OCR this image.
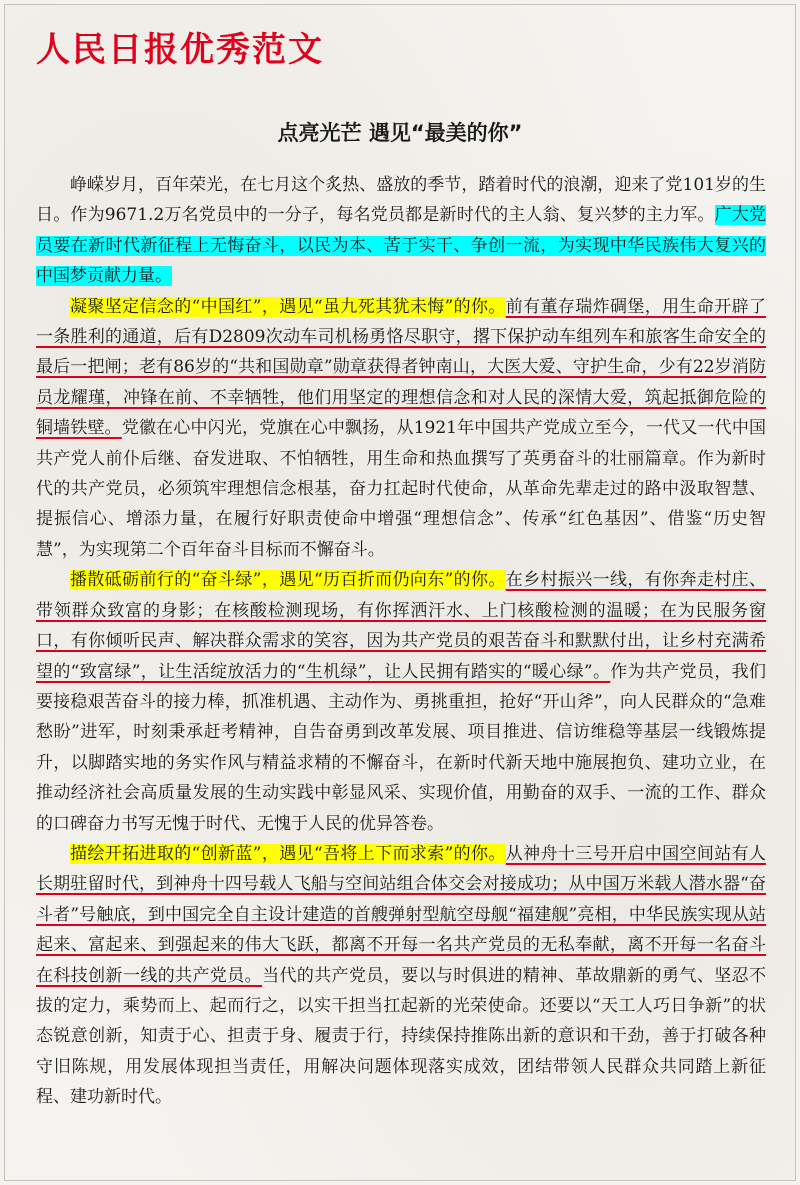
人民日报优秀范文
点亮光芒 遇见“最美的你”

峥嵘岁月，百年荣光，在七月这个炙热、盛放的季节，踏着时代的浪潮，迎来了党101岁的生日。作为9671.2万名党员中的一分子，每名党员都是新时代的主人翁、复兴梦的主力军。广大党员要在新时代新征程上无悔奋斗，以民为本、苦于实干、争创一流，为实现中华民族伟大复兴的中国梦贡献力量。

凝聚坚定信念的“中国红”，遇见“虽九死其犹未悔”的你。前有董存瑞炸碉堡，用生命开辟了一条胜利的通道，后有D2809次动车司机杨勇恪尽职守，撂下保护动车组列车和旅客生命安全的最后一把闸；老有86岁的“共和国勋章”勋章获得者钟南山，大医大爱、守护生命，少有22岁消防员龙耀瑾，冲锋在前、不幸牺牲，他们用坚定的理想信念和对人民的深情大爱，筑起抵御危险的铜墙铁壁。党徽在心中闪光，党旗在心中飘扬，从1921年中国共产党成立至今，一代又一代中国共产党人前仆后继、奋发进取、不怕牺牲，用生命和热血撰写了英勇奋斗的壮丽篇章。作为新时代的共产党员，必须筑牢理想信念根基，奋力扛起时代使命，从革命先辈走过的路中汲取智慧、提振信心、增添力量，在履行好职责使命中增强“理想信念”、传承“红色基因”、借鉴“历史智慧”，为实现第二个百年奋斗目标而不懈奋斗。

播散砥砺前行的“奋斗绿”，遇见“历百折而仍向东”的你。在乡村振兴一线，有你奔走村庄、带领群众致富的身影；在核酸检测现场，有你挥洒汗水、上门核酸检测的温暖；在为民服务窗口，有你倾听民声、解决群众需求的笑容，因为共产党员的艰苦奋斗和默默付出，让乡村充满希望的“致富绿”，让生活绽放活力的“生机绿”，让人民拥有踏实的“暖心绿”。作为共产党员，我们要接稳艰苦奋斗的接力棒，抓准机遇、主动作为、勇挑重担，抢好“开山斧”，向人民群众的“急难愁盼”进军，时刻秉承赶考精神，自告奋勇到改革发展、项目推进、信访维稳等基层一线锻炼提升，以脚踏实地的务实作风与精益求精的不懈奋斗，在新时代新天地中施展抱负、建功立业，在推动经济社会高质量发展的生动实践中彰显风采、实现价值，用勤奋的双手、一流的工作、群众的口碑奋力书写无愧于时代、无愧于人民的优异答卷。

描绘开拓进取的“创新蓝”，遇见“吾将上下而求索”的你。从神舟十三号开启中国空间站有人长期驻留时代，到神舟十四号载人飞船与空间站组合体交会对接成功；从中国万米载人潜水器“奋斗者”号触底，到中国完全自主设计建造的首艘弹射型航空母舰“福建舰”亮相，中华民族实现从站起来、富起来、到强起来的伟大飞跃，都离不开每一名共产党员的无私奉献，离不开每一名奋斗在科技创新一线的共产党员。当代的共产党员，要以与时俱进的精神、革故鼎新的勇气、坚忍不拔的定力，乘势而上、起而行之，以实干担当扛起新的光荣使命。还要以“天工人巧日争新”的状态锐意创新，知责于心、担责于身、履责于行，持续保持推陈出新的意识和干劲，善于打破各种守旧陈规，用发展体现担当责任，用解决问题体现落实成效，团结带领人民群众共同踏上新征程、建功新时代。
